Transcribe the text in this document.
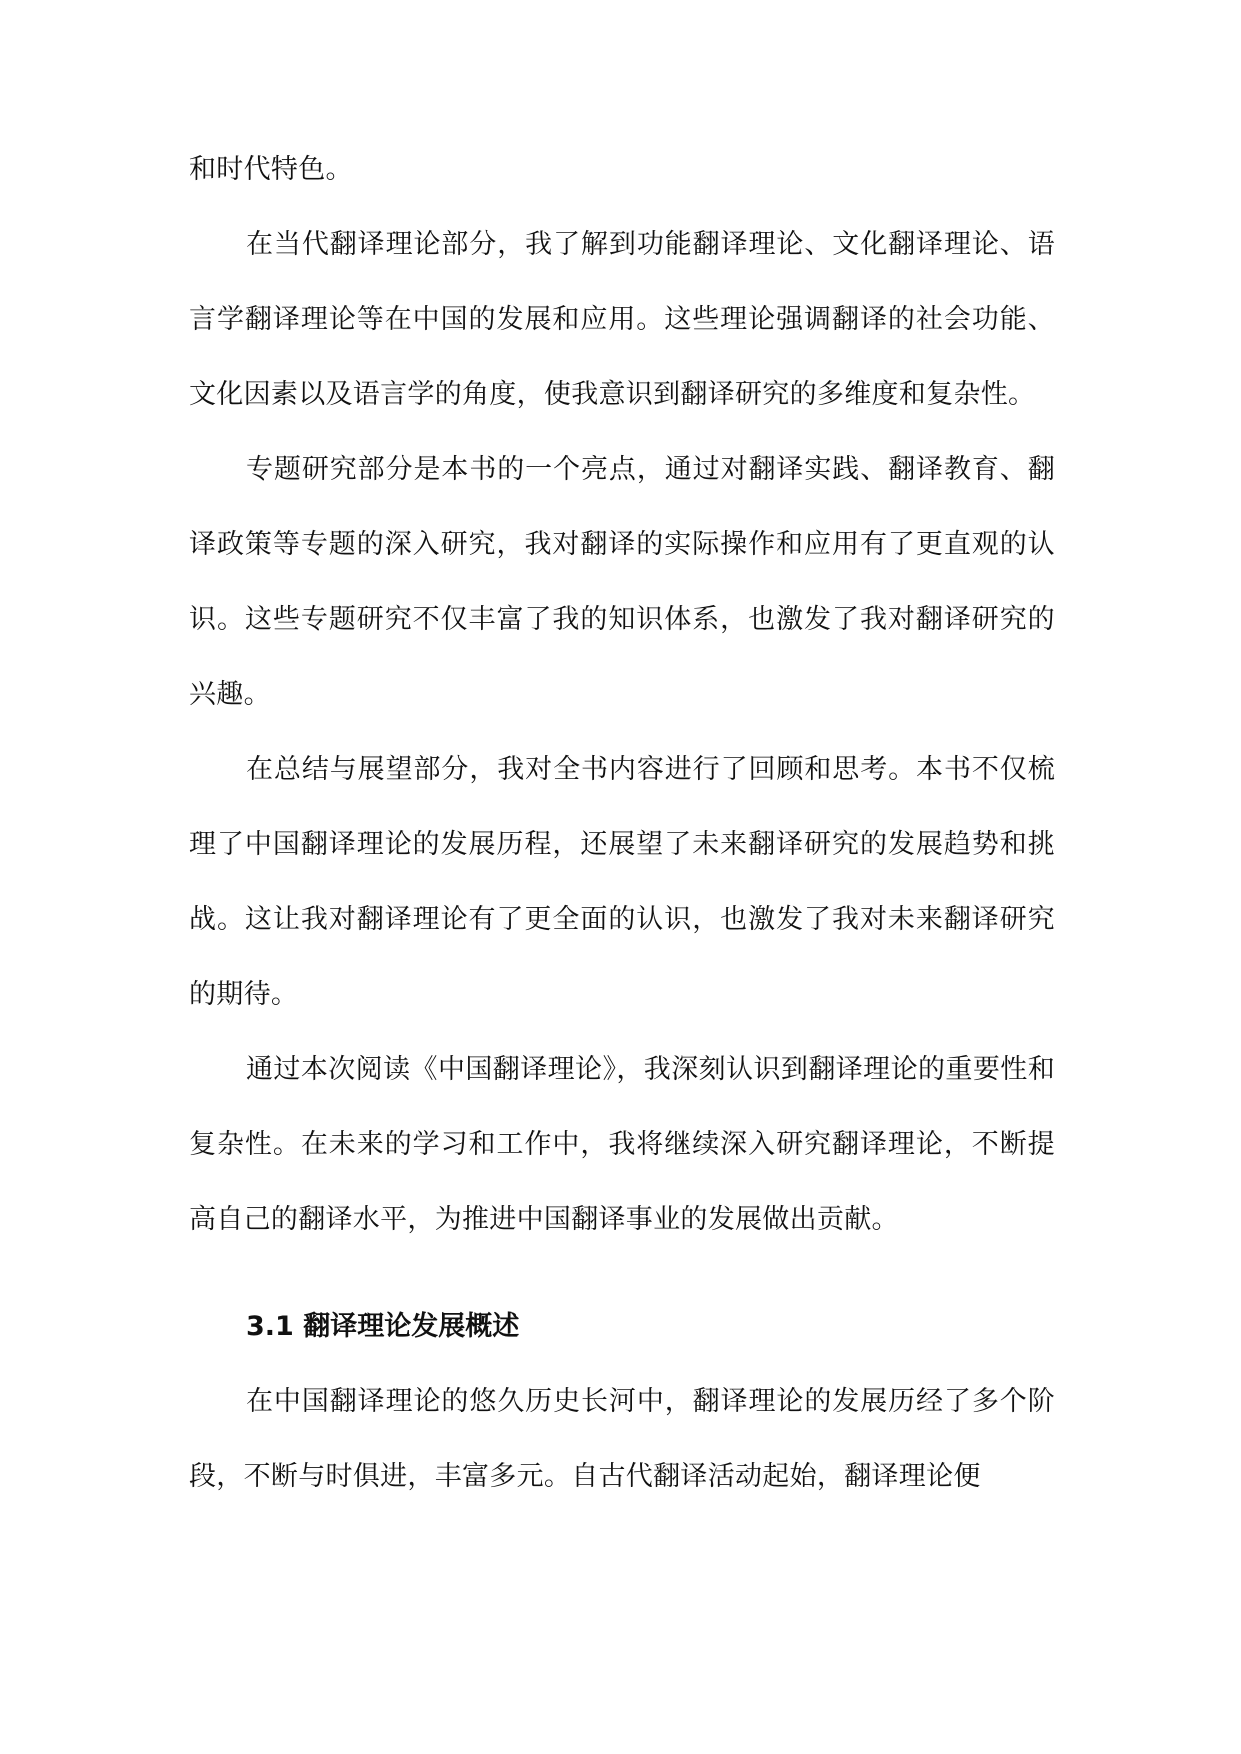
和时代特色。

在当代翻译理论部分，我了解到功能翻译理论、文化翻译理论、语言学翻译理论等在中国的发展和应用。这些理论强调翻译的社会功能、文化因素以及语言学的角度，使我意识到翻译研究的多维度和复杂性。

专题研究部分是本书的一个亮点，通过对翻译实践、翻译教育、翻译政策等专题的深入研究，我对翻译的实际操作和应用有了更直观的认识。这些专题研究不仅丰富了我的知识体系，也激发了我对翻译研究的兴趣。

在总结与展望部分，我对全书内容进行了回顾和思考。本书不仅梳理了中国翻译理论的发展历程，还展望了未来翻译研究的发展趋势和挑战。这让我对翻译理论有了更全面的认识，也激发了我对未来翻译研究的期待。

通过本次阅读《中国翻译理论》，我深刻认识到翻译理论的重要性和复杂性。在未来的学习和工作中，我将继续深入研究翻译理论，不断提高自己的翻译水平，为推进中国翻译事业的发展做出贡献。

3.1 翻译理论发展概述

在中国翻译理论的悠久历史长河中，翻译理论的发展历经了多个阶段，不断与时俱进，丰富多元。自古代翻译活动起始，翻译理论便
